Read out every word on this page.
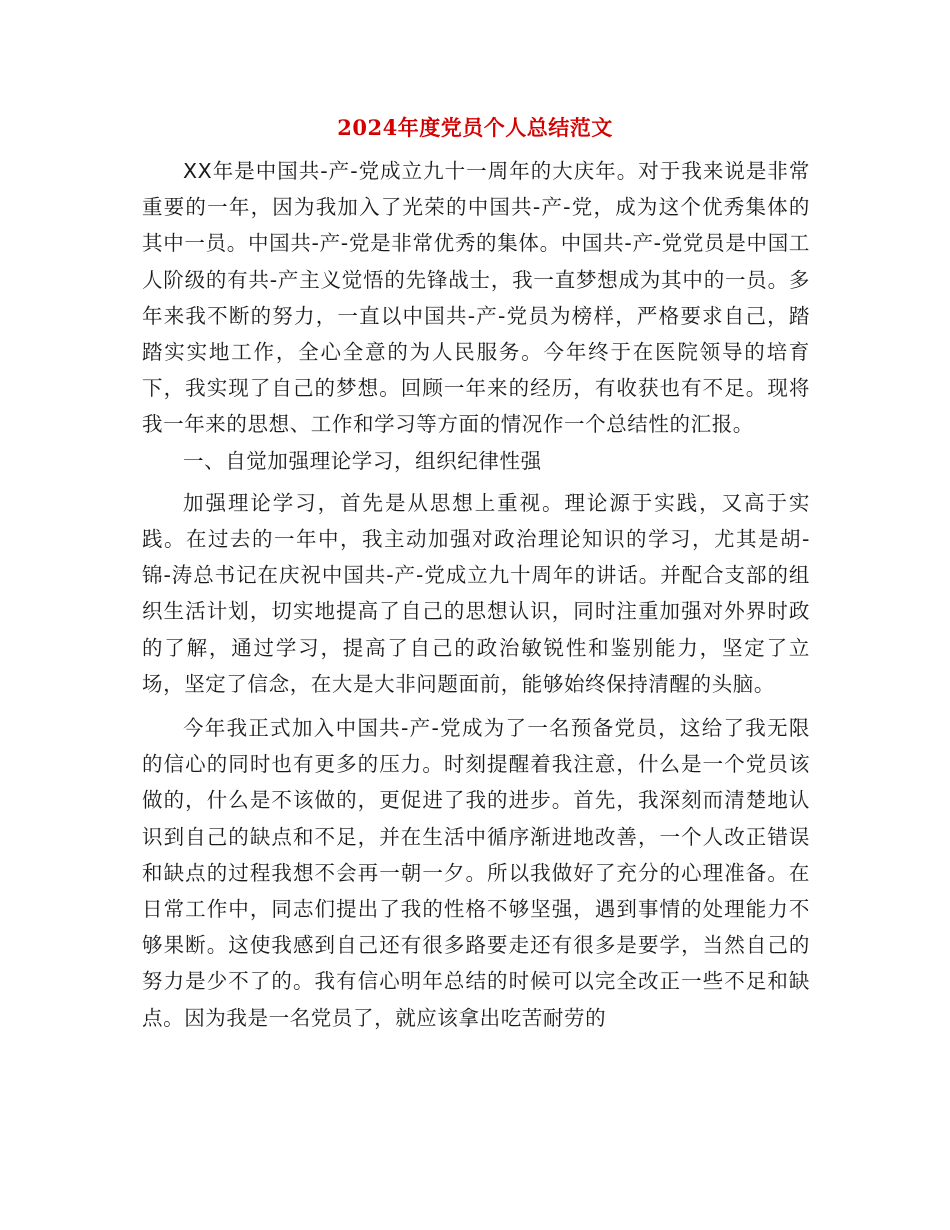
2024年度党员个人总结范文

XX年是中国共-产-党成立九十一周年的大庆年。对于我来说是非常重要的一年，因为我加入了光荣的中国共-产-党，成为这个优秀集体的其中一员。中国共-产-党是非常优秀的集体。中国共-产-党党员是中国工人阶级的有共-产主义觉悟的先锋战士，我一直梦想成为其中的一员。多年来我不断的努力，一直以中国共-产-党员为榜样，严格要求自己，踏踏实实地工作，全心全意的为人民服务。今年终于在医院领导的培育下，我实现了自己的梦想。回顾一年来的经历，有收获也有不足。现将我一年来的思想、工作和学习等方面的情况作一个总结性的汇报。

一、自觉加强理论学习，组织纪律性强

加强理论学习，首先是从思想上重视。理论源于实践，又高于实践。在过去的一年中，我主动加强对政治理论知识的学习，尤其是胡-锦-涛总书记在庆祝中国共-产-党成立九十周年的讲话。并配合支部的组织生活计划，切实地提高了自己的思想认识，同时注重加强对外界时政的了解，通过学习，提高了自己的政治敏锐性和鉴别能力，坚定了立场，坚定了信念，在大是大非问题面前，能够始终保持清醒的头脑。

今年我正式加入中国共-产-党成为了一名预备党员，这给了我无限的信心的同时也有更多的压力。时刻提醒着我注意，什么是一个党员该做的，什么是不该做的，更促进了我的进步。首先，我深刻而清楚地认识到自己的缺点和不足，并在生活中循序渐进地改善，一个人改正错误和缺点的过程我想不会再一朝一夕。所以我做好了充分的心理准备。在日常工作中，同志们提出了我的性格不够坚强，遇到事情的处理能力不够果断。这使我感到自己还有很多路要走还有很多是要学，当然自己的努力是少不了的。我有信心明年总结的时候可以完全改正一些不足和缺点。因为我是一名党员了，就应该拿出吃苦耐劳的
